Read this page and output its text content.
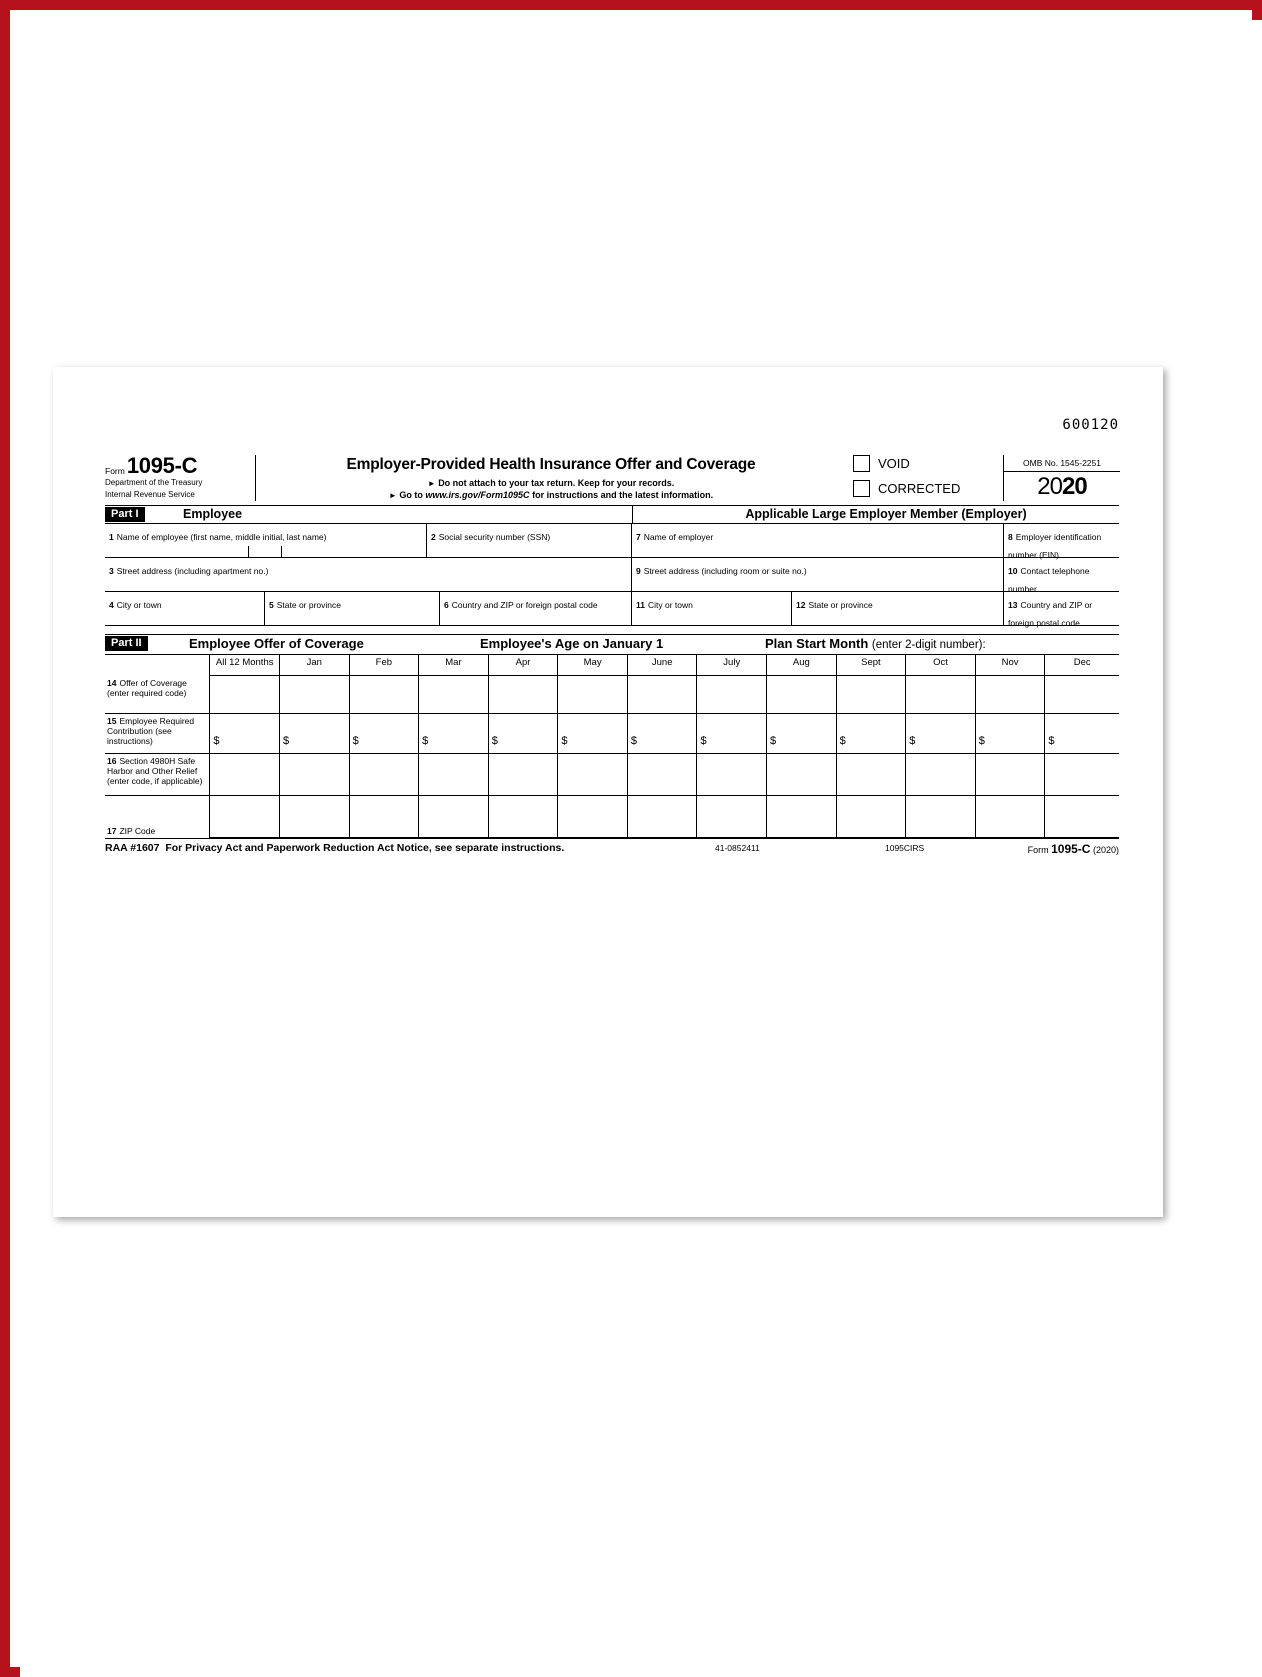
600120
Form1095-C
Department of the Treasury
Internal Revenue Service
Employer-Provided Health Insurance Offer and Coverage
► Do not attach to your tax return. Keep for your records.
► Go to www.irs.gov/Form1095C for instructions and the latest information.
VOID
CORRECTED
OMB No. 1545-2251
2020
Part I	Employee	Applicable Large Employer Member (Employer)
1 Name of employee (first name, middle initial, last name)	2 Social security number (SSN)	7 Name of employer	8 Employer identification number (EIN)
3 Street address (including apartment no.)	9 Street address (including room or suite no.)	10 Contact telephone number
4 City or town	5 State or province	6 Country and ZIP or foreign postal code	11 City or town	12 State or province	13 Country and ZIP or foreign postal code
Part II	Employee Offer of Coverage	Employee's Age on January 1	Plan Start Month (enter 2-digit number):
	All 12 Months	Jan	Feb	Mar	Apr	May	June	July	Aug	Sept	Oct	Nov	Dec
14 Offer of Coverage (enter required code)													
15 Employee Required Contribution (see instructions)	$	$	$	$	$	$	$	$	$	$	$	$	$
16 Section 4980H Safe Harbor and Other Relief (enter code, if applicable)													

17 ZIP Code													

RAA #1607 For Privacy Act and Paperwork Reduction Act Notice, see separate instructions.	41-0852411	1095CIRS	Form 1095-C (2020)
